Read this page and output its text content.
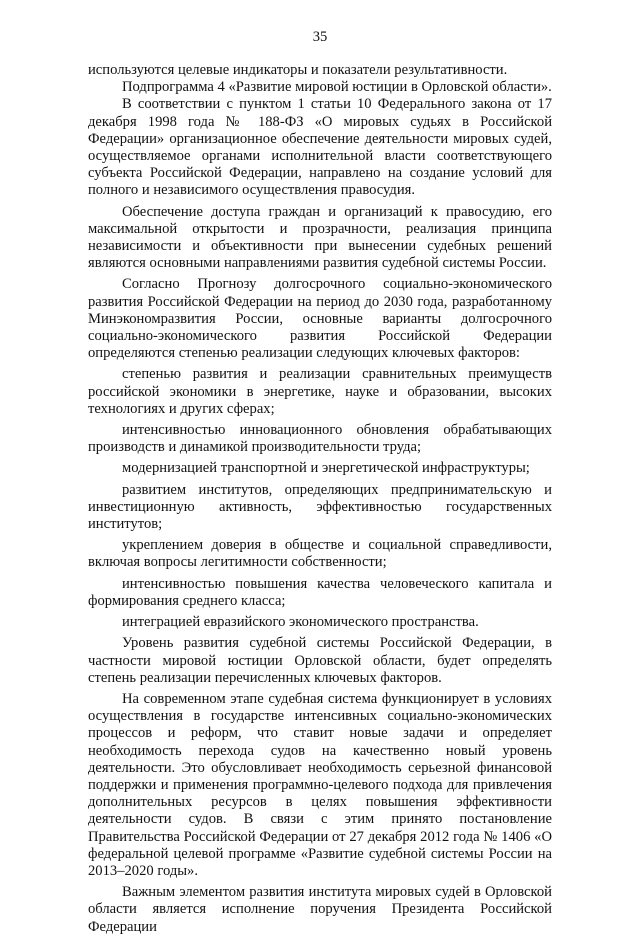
35

используются целевые индикаторы и показатели результативности.

Подпрограмма 4 «Развитие мировой юстиции в Орловской области».

В соответствии с пунктом 1 статьи 10 Федерального закона от 17 декабря 1998 года № 188-ФЗ «О мировых судьях в Российской Федерации» организационное обеспечение деятельности мировых судей, осуществляемое органами исполнительной власти соответствующего субъекта Российской Федерации, направлено на создание условий для полного и независимого осуществления правосудия.

Обеспечение доступа граждан и организаций к правосудию, его максимальной открытости и прозрачности, реализация принципа независимости и объективности при вынесении судебных решений являются основными направлениями развития судебной системы России.

Согласно Прогнозу долгосрочного социально-экономического развития Российской Федерации на период до 2030 года, разработанному Минэкономразвития России, основные варианты долгосрочного социально-экономического развития Российской Федерации определяются степенью реализации следующих ключевых факторов:

степенью развития и реализации сравнительных преимуществ российской экономики в энергетике, науке и образовании, высоких технологиях и других сферах;

интенсивностью инновационного обновления обрабатывающих производств и динамикой производительности труда;

модернизацией транспортной и энергетической инфраструктуры;

развитием институтов, определяющих предпринимательскую и инвестиционную активность, эффективностью государственных институтов;

укреплением доверия в обществе и социальной справедливости, включая вопросы легитимности собственности;

интенсивностью повышения качества человеческого капитала и формирования среднего класса;

интеграцией евразийского экономического пространства.

Уровень развития судебной системы Российской Федерации, в частности мировой юстиции Орловской области, будет определять степень реализации перечисленных ключевых факторов.

На современном этапе судебная система функционирует в условиях осуществления в государстве интенсивных социально-экономических процессов и реформ, что ставит новые задачи и определяет необходимость перехода судов на качественно новый уровень деятельности. Это обусловливает необходимость серьезной финансовой поддержки и применения программно-целевого подхода для привлечения дополнительных ресурсов в целях повышения эффективности деятельности судов. В связи с этим принято постановление Правительства Российской Федерации от 27 декабря 2012 года № 1406 «О федеральной целевой программе «Развитие судебной системы России на 2013–2020 годы».

Важным элементом развития института мировых судей в Орловской области является исполнение поручения Президента Российской Федерации
